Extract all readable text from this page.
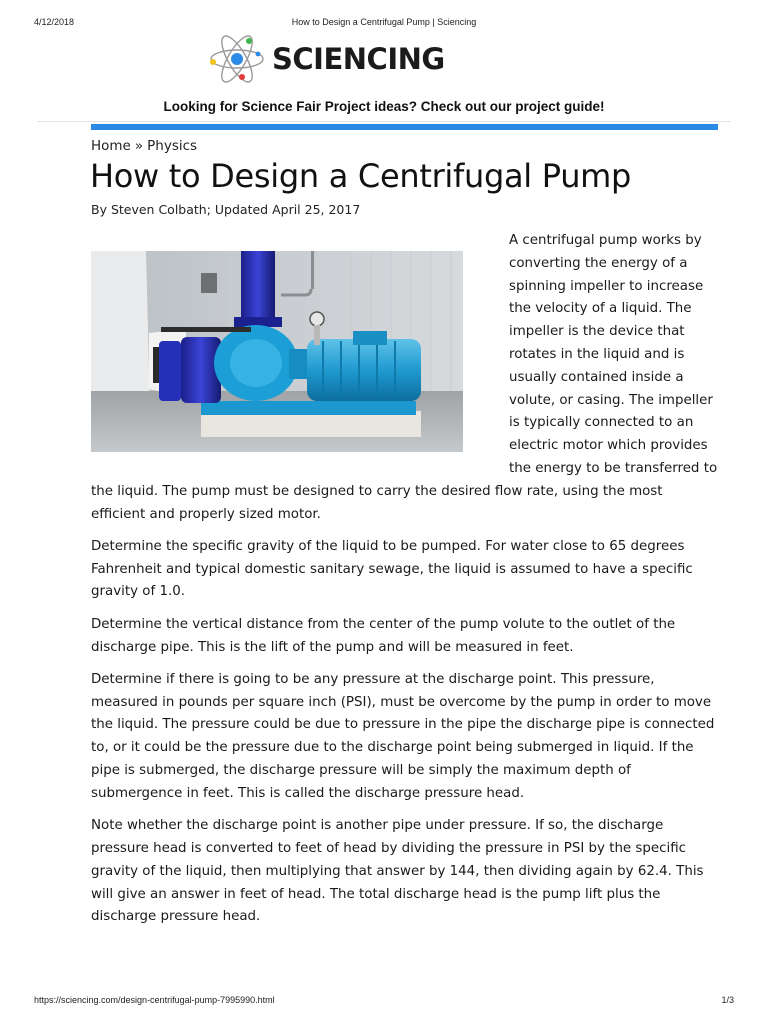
4/12/2018	How to Design a Centrifugal Pump | Sciencing
SCIENCING
Looking for Science Fair Project ideas? Check out our project guide!
Home » Physics
How to Design a Centrifugal Pump
By Steven Colbath; Updated April 25, 2017

A centrifugal pump works by converting the energy of a spinning impeller to increase the velocity of a liquid. The impeller is the device that rotates in the liquid and is usually contained inside a volute, or casing. The impeller is typically connected to an electric motor which provides the energy to be transferred to the liquid. The pump must be designed to carry the desired flow rate, using the most efficient and properly sized motor.

Determine the specific gravity of the liquid to be pumped. For water close to 65 degrees Fahrenheit and typical domestic sanitary sewage, the liquid is assumed to have a specific gravity of 1.0.

Determine the vertical distance from the center of the pump volute to the outlet of the discharge pipe. This is the lift of the pump and will be measured in feet.

Determine if there is going to be any pressure at the discharge point. This pressure, measured in pounds per square inch (PSI), must be overcome by the pump in order to move the liquid. The pressure could be due to pressure in the pipe the discharge pipe is connected to, or it could be the pressure due to the discharge point being submerged in liquid. If the pipe is submerged, the discharge pressure will be simply the maximum depth of submergence in feet. This is called the discharge pressure head.

Note whether the discharge point is another pipe under pressure. If so, the discharge pressure head is converted to feet of head by dividing the pressure in PSI by the specific gravity of the liquid, then multiplying that answer by 144, then dividing again by 62.4. This will give an answer in feet of head. The total discharge head is the pump lift plus the discharge pressure head.

https://sciencing.com/design-centrifugal-pump-7995990.html	1/3
